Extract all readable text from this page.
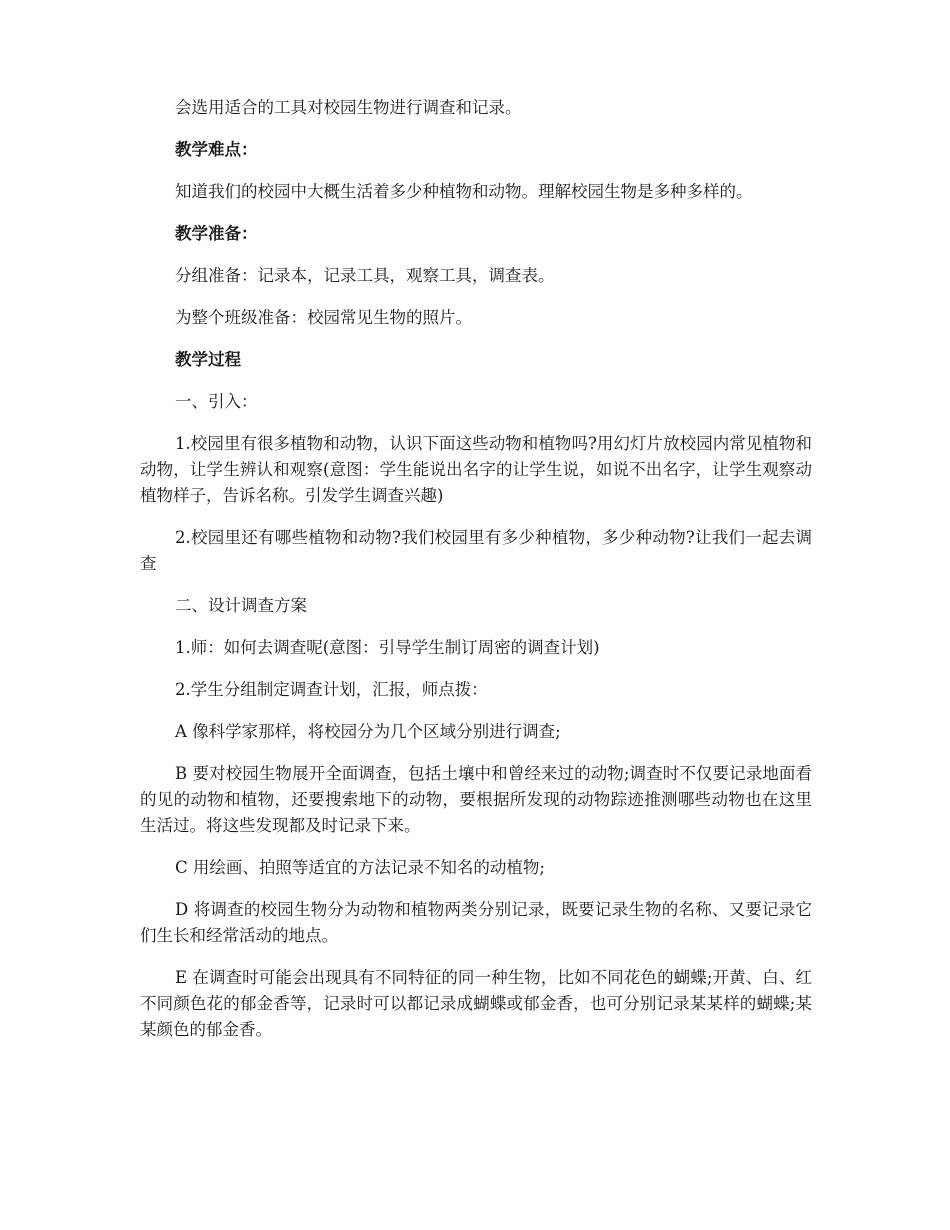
会选用适合的工具对校园生物进行调查和记录。

教学难点：

知道我们的校园中大概生活着多少种植物和动物。理解校园生物是多种多样的。

教学准备：

分组准备：记录本，记录工具，观察工具，调查表。

为整个班级准备：校园常见生物的照片。

教学过程

一、引入：

1.校园里有很多植物和动物，认识下面这些动物和植物吗?用幻灯片放校园内常见植物和动物，让学生辨认和观察(意图：学生能说出名字的让学生说，如说不出名字，让学生观察动植物样子，告诉名称。引发学生调查兴趣)

2.校园里还有哪些植物和动物?我们校园里有多少种植物，多少种动物?让我们一起去调查

二、设计调查方案

1.师：如何去调查呢(意图：引导学生制订周密的调查计划)

2.学生分组制定调查计划，汇报，师点拨：

A 像科学家那样，将校园分为几个区域分别进行调查;

B 要对校园生物展开全面调查，包括土壤中和曾经来过的动物;调查时不仅要记录地面看的见的动物和植物，还要搜索地下的动物，要根据所发现的动物踪迹推测哪些动物也在这里生活过。将这些发现都及时记录下来。

C 用绘画、拍照等适宜的方法记录不知名的动植物;

D 将调查的校园生物分为动物和植物两类分别记录，既要记录生物的名称、又要记录它们生长和经常活动的地点。

E 在调查时可能会出现具有不同特征的同一种生物，比如不同花色的蝴蝶;开黄、白、红不同颜色花的郁金香等，记录时可以都记录成蝴蝶或郁金香，也可分别记录某某样的蝴蝶;某某颜色的郁金香。
